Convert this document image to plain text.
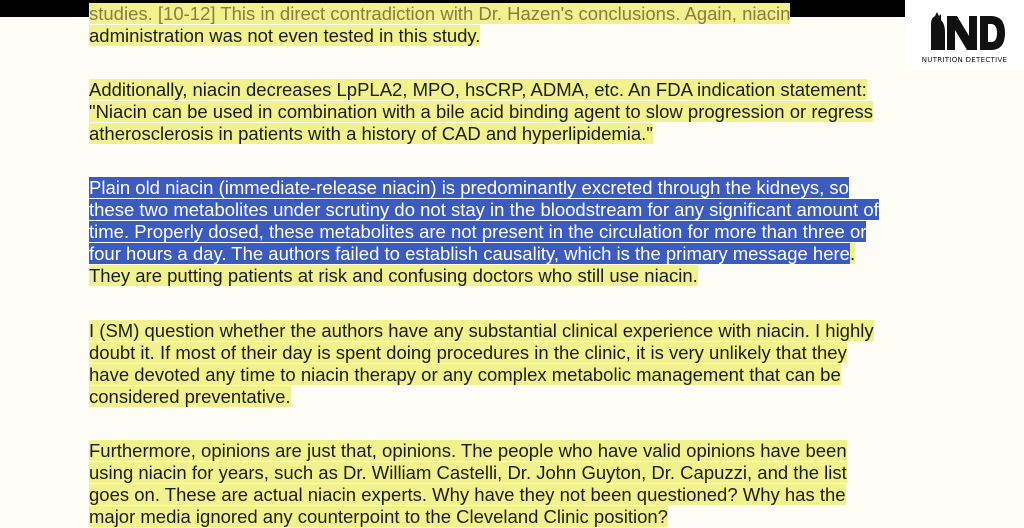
studies. [10-12] This in direct contradiction with Dr. Hazen's conclusions. Again, niacin
administration was not even tested in this study.
Additionally, niacin decreases LpPLA2, MPO, hsCRP, ADMA, etc. An FDA indication statement:
"Niacin can be used in combination with a bile acid binding agent to slow progression or regress
atherosclerosis in patients with a history of CAD and hyperlipidemia."
Plain old niacin (immediate-release niacin) is predominantly excreted through the kidneys, so
these two metabolites under scrutiny do not stay in the bloodstream for any significant amount of
time. Properly dosed, these metabolites are not present in the circulation for more than three or
four hours a day. The authors failed to establish causality, which is the primary message here.
They are putting patients at risk and confusing doctors who still use niacin.
I (SM) question whether the authors have any substantial clinical experience with niacin. I highly
doubt it. If most of their day is spent doing procedures in the clinic, it is very unlikely that they
have devoted any time to niacin therapy or any complex metabolic management that can be
considered preventative.
Furthermore, opinions are just that, opinions. The people who have valid opinions have been
using niacin for years, such as Dr. William Castelli, Dr. John Guyton, Dr. Capuzzi, and the list
goes on. These are actual niacin experts. Why have they not been questioned? Why has the
major media ignored any counterpoint to the Cleveland Clinic position?
NUTRITION DETECTIVE
